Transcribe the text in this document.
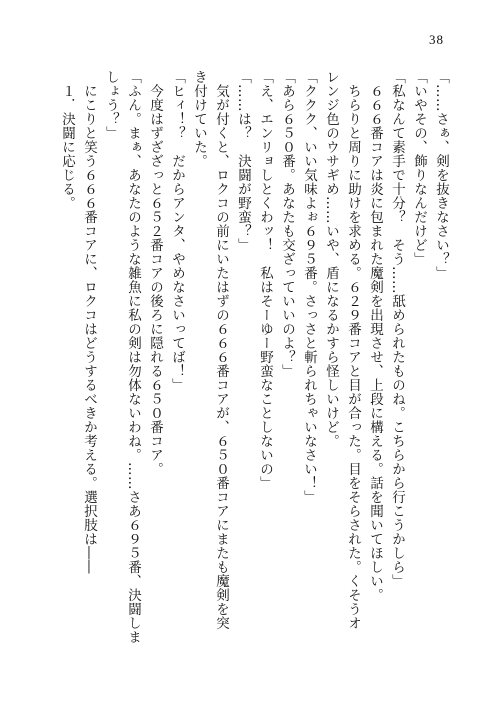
38
「……さぁ、剣を抜きなさい？」
「いやその、飾りなんだけど」
「私なんて素手で十分？　そう……舐められたものね。こちらから行こうかしら」
　６６６番コアは炎に包まれた魔剣を出現させ、上段に構える。話を聞いてほしい。
　ちらりと周りに助けを求める。６２９番コアと目が合った。目をそらされた。くそうオ
レンジ色のウサギめ……いや、盾になるかすら怪しいけど。
「ククク、いい気味よぉ６９５番。さっさと斬られちゃいなさい！」
「あら６５０番。あなたも交ざっていいのよ？」
「え、エンリョしとくわッ！　私はそーゆー野蛮なことしないの」
「……は？　決闘が野蛮？」
　気が付くと、ロクコの前にいたはずの６６６番コアが、６５０番コアにまたも魔剣を突
き付けていた。
「ヒィ！？　だからアンタ、やめなさいってば！」
　今度はずざざっと６５２番コアの後ろに隠れる６５０番コア。
「ふん。まぁ、あなたのような雑魚に私の剣は勿体ないわね。……さあ６９５番、決闘しま
しょう？」
　にこりと笑う６６６番コアに、ロクコはどうするべきか考える。選択肢は――
　１．決闘に応じる。
